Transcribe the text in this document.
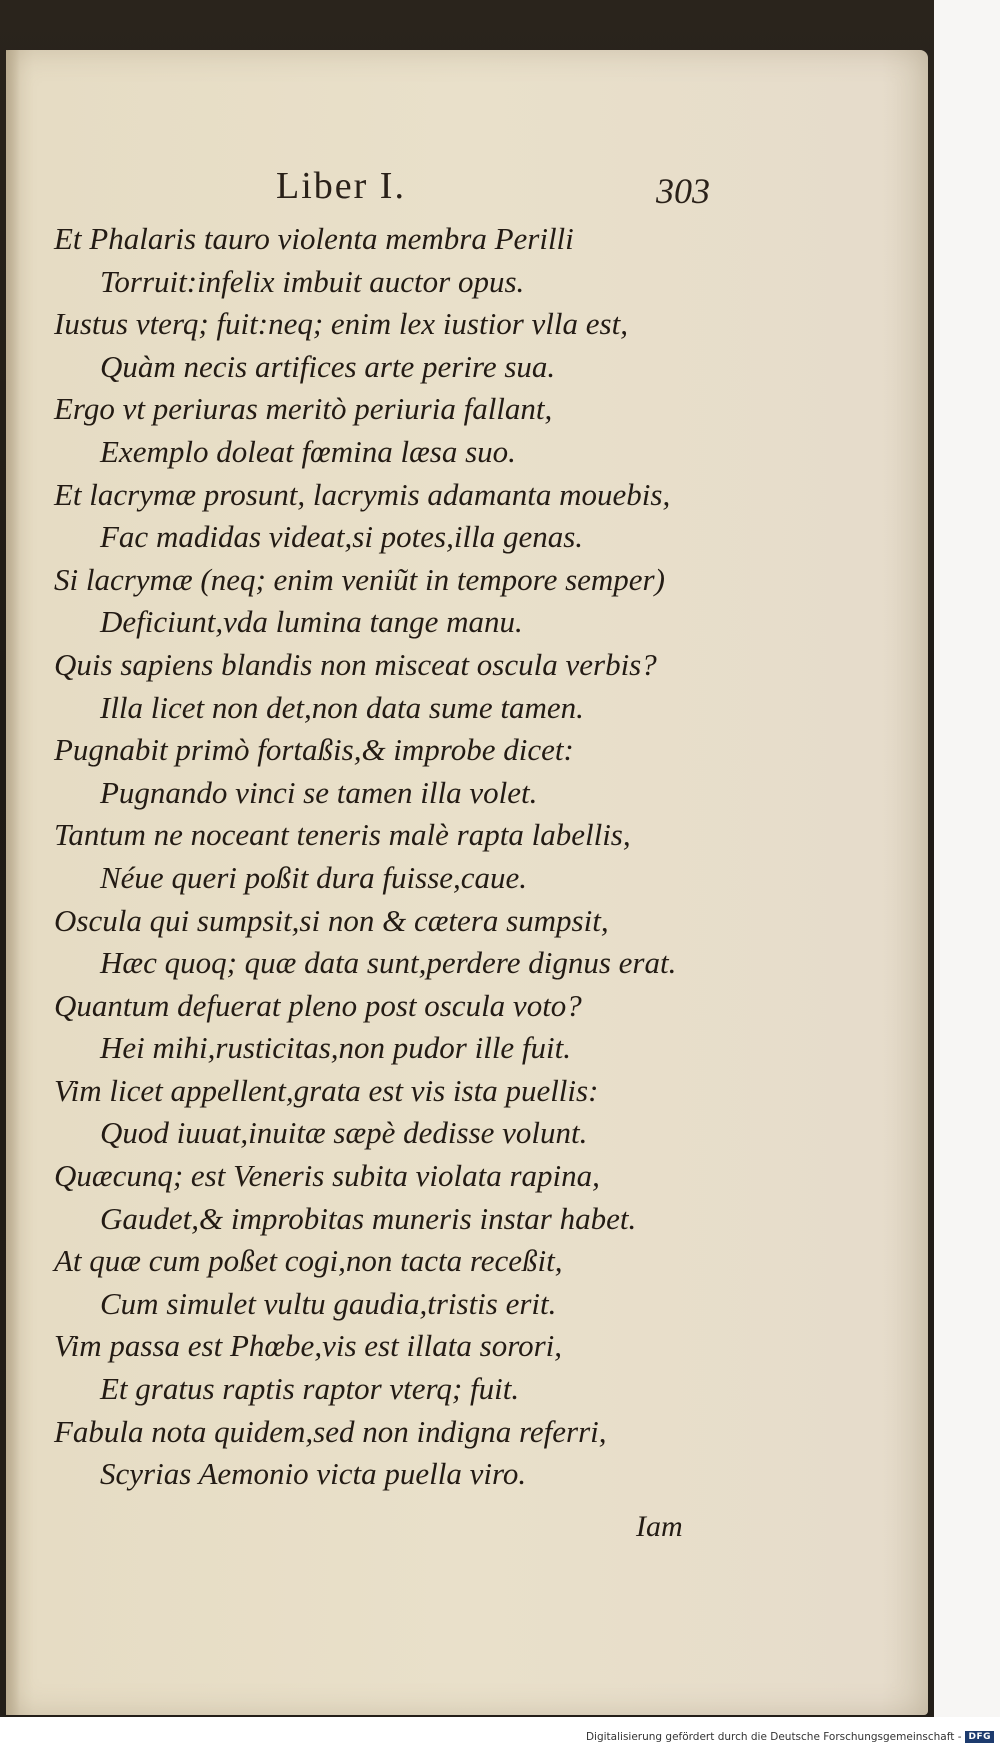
Liber I.	303
Et Phalaris tauro violenta membra Perilli
Torruit:infelix imbuit auctor opus.
Iustus vterq; fuit:neq; enim lex iustior vlla est,
Quàm necis artifices arte perire sua.
Ergo vt periuras meritò periuria fallant,
Exemplo doleat fœmina læsa suo.
Et lacrymæ prosunt, lacrymis adamanta mouebis,
Fac madidas videat,si potes,illa genas.
Si lacrymæ (neq; enim veniũt in tempore semper)
Deficiunt,vda lumina tange manu.
Quis sapiens blandis non misceat oscula verbis?
Illa licet non det,non data sume tamen.
Pugnabit primò fortaßis,& improbe dicet:
Pugnando vinci se tamen illa volet.
Tantum ne noceant teneris malè rapta labellis,
Néue queri poßit dura fuisse,caue.
Oscula qui sumpsit,si non & cætera sumpsit,
Hæc quoq; quæ data sunt,perdere dignus erat.
Quantum defuerat pleno post oscula voto?
Hei mihi,rusticitas,non pudor ille fuit.
Vim licet appellent,grata est vis ista puellis:
Quod iuuat,inuitæ sæpè dedisse volunt.
Quæcunq; est Veneris subita violata rapina,
Gaudet,& improbitas muneris instar habet.
At quæ cum poßet cogi,non tacta receßit,
Cum simulet vultu gaudia,tristis erit.
Vim passa est Phœbe,vis est illata sorori,
Et gratus raptis raptor vterq; fuit.
Fabula nota quidem,sed non indigna referri,
Scyrias Aemonio victa puella viro.
Iam
Digitalisierung gefördert durch die Deutsche Forschungsgemeinschaft - DFG
